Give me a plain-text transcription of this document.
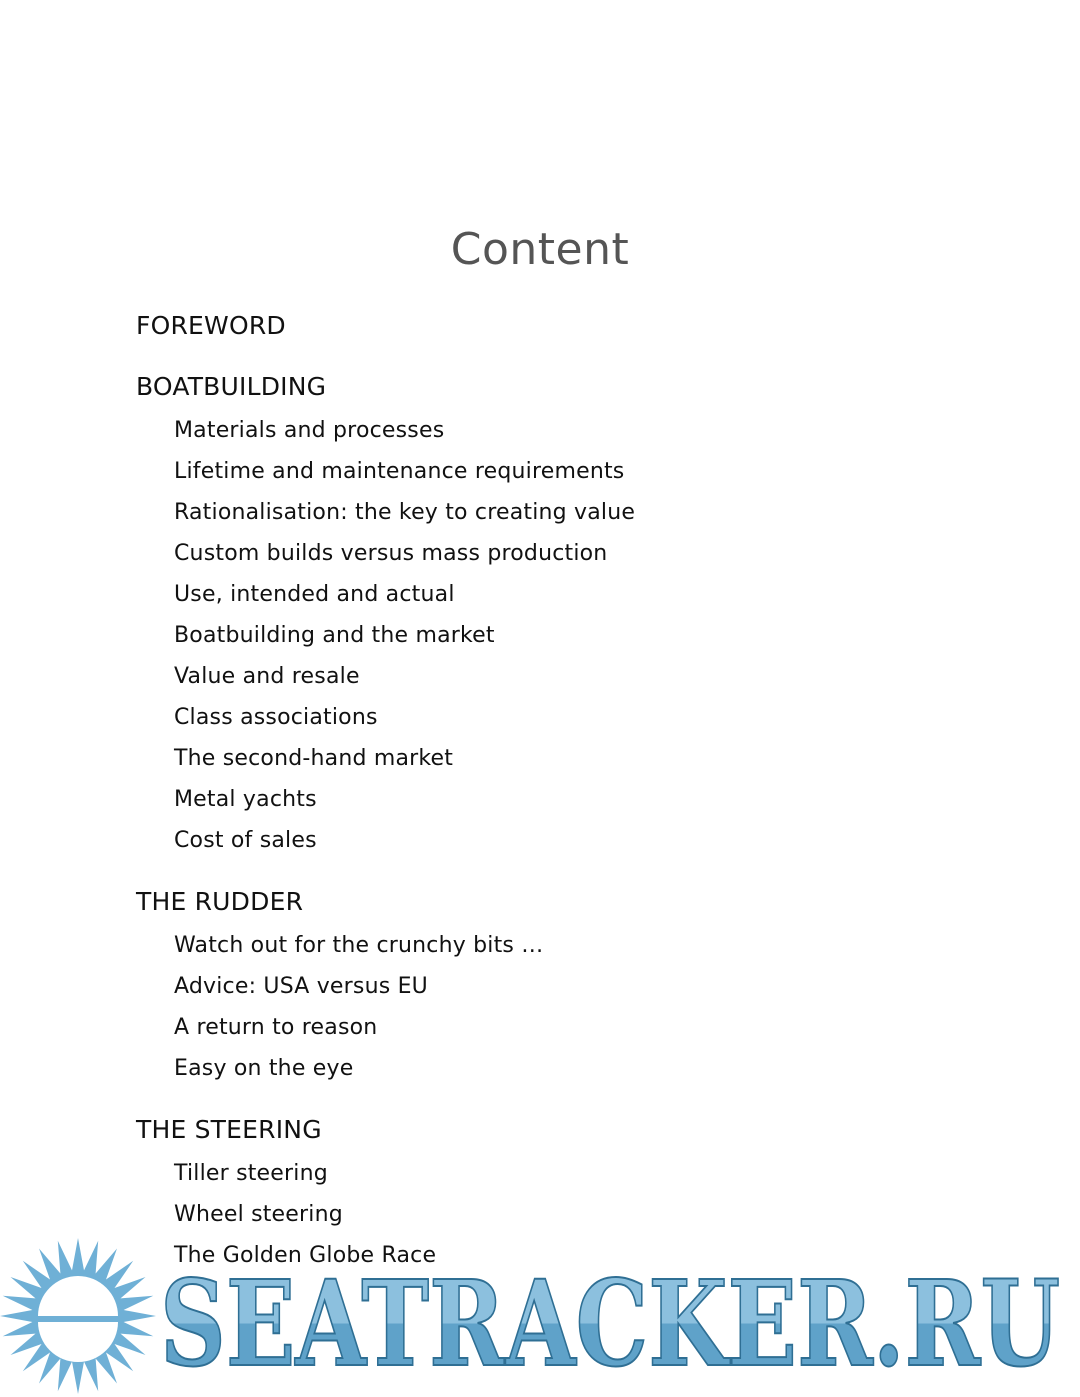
Content
FOREWORD
BOATBUILDING
Materials and processes
Lifetime and maintenance requirements
Rationalisation: the key to creating value
Custom builds versus mass production
Use, intended and actual
Boatbuilding and the market
Value and resale
Class associations
The second-hand market
Metal yachts
Cost of sales
THE RUDDER
Watch out for the crunchy bits …
Advice: USA versus EU
A return to reason
Easy on the eye
THE STEERING
Tiller steering
Wheel steering
The Golden Globe Race
SEATRACKER.RU
